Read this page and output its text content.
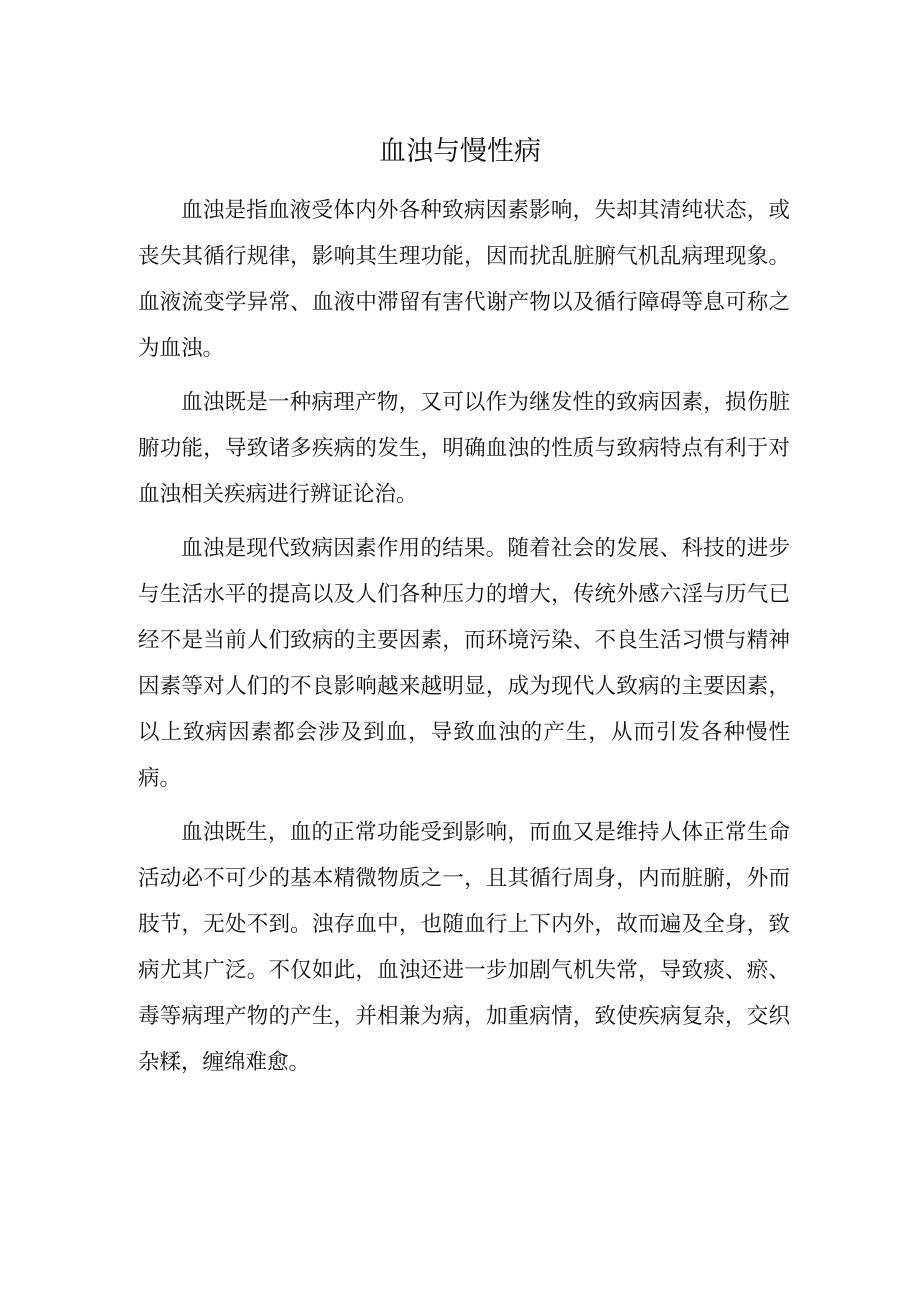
血浊与慢性病

血浊是指血液受体内外各种致病因素影响，失却其清纯状态，或丧失其循行规律，影响其生理功能，因而扰乱脏腑气机乱病理现象。血液流变学异常、血液中滞留有害代谢产物以及循行障碍等息可称之为血浊。

血浊既是一种病理产物，又可以作为继发性的致病因素，损伤脏腑功能，导致诸多疾病的发生，明确血浊的性质与致病特点有利于对血浊相关疾病进行辨证论治。

血浊是现代致病因素作用的结果。随着社会的发展、科技的进步与生活水平的提高以及人们各种压力的增大，传统外感六淫与历气已经不是当前人们致病的主要因素，而环境污染、不良生活习惯与精神因素等对人们的不良影响越来越明显，成为现代人致病的主要因素，以上致病因素都会涉及到血，导致血浊的产生，从而引发各种慢性病。

血浊既生，血的正常功能受到影响，而血又是维持人体正常生命活动必不可少的基本精微物质之一，且其循行周身，内而脏腑，外而肢节，无处不到。浊存血中，也随血行上下内外，故而遍及全身，致病尤其广泛。不仅如此，血浊还进一步加剧气机失常，导致痰、瘀、毒等病理产物的产生，并相兼为病，加重病情，致使疾病复杂，交织杂糅，缠绵难愈。
